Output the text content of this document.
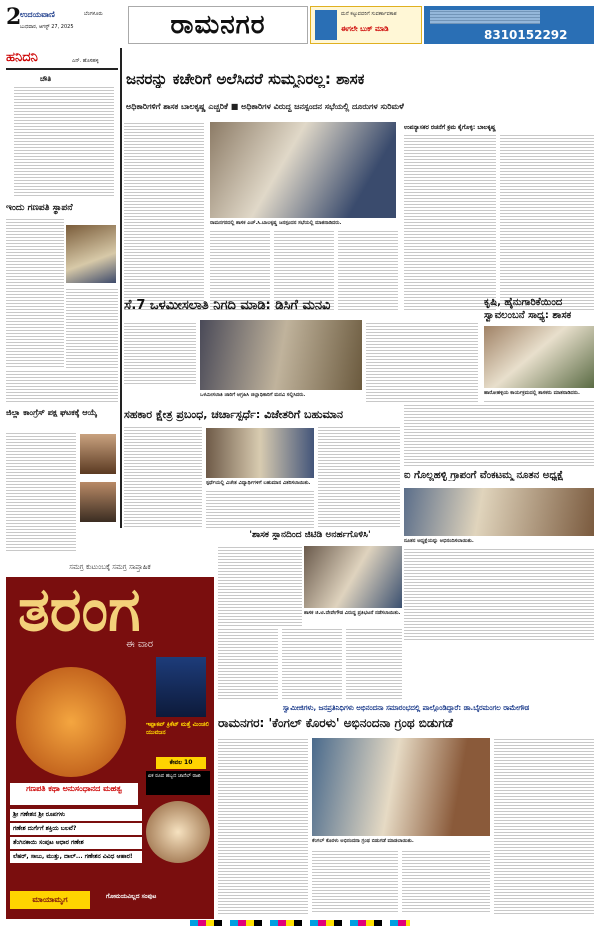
2
ಉದಯವಾಣಿ	ಬೆಂಗಳೂರು
ಬುಧವಾರ, ಆಗಸ್ಟ್ 27, 2025	ರಾಮನಗರ	ಮನೆ ಕಟ್ಟುವವರಿಗೆ ಸುವರ್ಣಾವಕಾಶ
ಈಗಲೇ ಬುಕ್ ಮಾಡಿ	8310152292
ಹನಿದನಿ	ಎನ್. ಹೊಸಹಳ್ಳಿ
ಚೌತಿ
ಇಂದು ಗಣಪತಿ ಸ್ಥಾಪನೆ
ಜಿಲ್ಲಾ ಕಾಂಗ್ರೆಸ್ ಪಕ್ಷ ಘಟಕಕ್ಕೆ ಆಯ್ಕೆ
ಸಮಗ್ರ ಕುಟುಂಬಕ್ಕೆ ಸಮಗ್ರ ಸಾಪ್ತಾಹಿಕ
ತರಂಗ
ಈ ವಾರ
ಇಪ್ಪಾಕಪ್ ಕ್ರಿಕೆಟ್ ಮತ್ತೆ ಮಿಂಚಲಿ ಯುವಜನ
ಕೇವಲ 10
ಏಕ ರೂಪ ಹಬ್ಬದ ಚಾನೆಲ್ ರಾಖಿ
ಗಣಪತಿ ಕಥಾ ಅನುಸಂಧಾನದ ಮಹತ್ವ
ಶ್ರೀ ಗಣೇಶನ ಶ್ರೀ ರೂಪಗಳು
ಗಣೇಶ ದುರ್ಗೆಗೆ ಶಕ್ತಿಯ ಬಲವೆ?
ತೆಂಗಿನಕಾಯಿ ಸಂಪುಟ ಆಧಾರ ಗಣೇಶ
ಲೆಹರ್, ಸಾಬು, ಮುತ್ತು, ದಾಲ್... ಗಣೇಶನ ವಿವಿಧ ಆಹಾರ!
ಮಾಯಾಮೃಗ	ಗೋಮಯವಿಲ್ಲದ ಸಂಪುಟ
ಜನರನ್ನು ಕಚೇರಿಗೆ ಅಲೆಸಿದರೆ ಸುಮ್ಮನಿರಲ್ಲ: ಶಾಸಕ
ಅಧಿಕಾರಿಗಳಿಗೆ ಶಾಸಕ ಬಾಲಕೃಷ್ಣ ಎಚ್ಚರಿಕೆ ■ ಅಧಿಕಾರಿಗಳ ವಿರುದ್ಧ ಜನಸ್ಪಂದನ ಸಭೆಯಲ್ಲಿ ದೂರುಗಳ ಸುರಿಮಳೆ
ರಾಮನಗರದಲ್ಲಿ ಶಾಸಕ ಎಚ್.ಸಿ.ಬಾಲಕೃಷ್ಣ ಜನಸ್ಪಂದನ ಸಭೆಯಲ್ಲಿ ಮಾತನಾಡಿದರು.
ಉಪನ್ಯಾಸಕರ ರಚನೆಗೆ ಕ್ರಮ ಕೈಗೊಳ್ಳಿ: ಬಾಲಕೃಷ್ಣ
ಸೆ.7 ಒಳಮೀಸಲಾತಿ ನಿಗದಿ ಮಾಡಿ: ಡಿಸಿಗೆ ಮನವಿ
ಒಳಮೀಸಲಾತಿ ಜಾರಿಗೆ ಆಗ್ರಹಿಸಿ ಜಿಲ್ಲಾಧಿಕಾರಿಗೆ ಮನವಿ ಸಲ್ಲಿಸಿದರು.
ಕೃಷಿ, ಹೈನುಗಾರಿಕೆಯಿಂದ ಸ್ವಾವಲಂಬನೆ ಸಾಧ್ಯ: ಶಾಸಕ
ಹಾರೋಹಳ್ಳಿಯ ಕಾರ್ಯಕ್ರಮದಲ್ಲಿ ಶಾಸಕರು ಮಾತನಾಡಿದರು.
ಸಹಕಾರ ಕ್ಷೇತ್ರ ಪ್ರಬಂಧ, ಚರ್ಚಾಸ್ಪರ್ಧೆ: ವಿಜೇತರಿಗೆ ಬಹುಮಾನ
ಸ್ಪರ್ಧೆಯಲ್ಲಿ ವಿಜೇತ ವಿದ್ಯಾರ್ಥಿಗಳಿಗೆ ಬಹುಮಾನ ವಿತರಿಸಲಾಯಿತು.
ಐ ಗೊಲ್ಲಹಳ್ಳಿ ಗ್ರಾಪಂಗೆ ವೆಂಕಟಮ್ಮ ನೂತನ ಅಧ್ಯಕ್ಷೆ
ನೂತನ ಅಧ್ಯಕ್ಷೆಯನ್ನು ಅಭಿನಂದಿಸಲಾಯಿತು.
'ಶಾಸಕ ಸ್ಥಾನದಿಂದ ಜಿಟಿಡಿ ಅನರ್ಹಗೊಳಿಸಿ'
ಶಾಸಕ ಜಿ.ಟಿ.ದೇವೇಗೌಡ ವಿರುದ್ಧ ಪ್ರತಿಭಟನೆ ನಡೆಸಲಾಯಿತು.
ಸ್ವಾಮೀಜಿಗಳು, ಜನಪ್ರತಿನಿಧಿಗಳು ಅಭಿನಂದನಾ ಸಮಾರಂಭದಲ್ಲಿ ಪಾಲ್ಗೊಂಡಿದ್ದಾರೆ: ಡಾ.ಬೈರಮಂಗಲ ರಾಮೇಗೌಡ
ರಾಮನಗರ: 'ಕೆಂಗಲ್ ಕೊರಳು' ಅಭಿನಂದನಾ ಗ್ರಂಥ ಬಿಡುಗಡೆ
ಕೆಂಗಲ್ ಕೊರಳು ಅಭಿನಂದನಾ ಗ್ರಂಥ ಬಿಡುಗಡೆ ಮಾಡಲಾಯಿತು.
